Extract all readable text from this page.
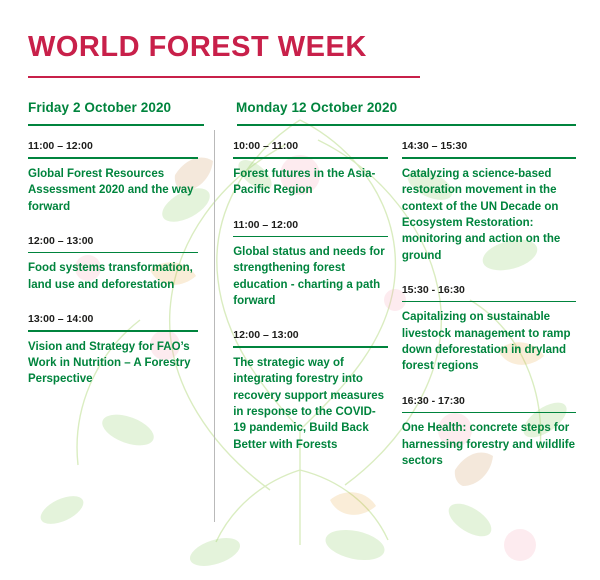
WORLD FOREST WEEK
Friday 2 October 2020	Monday 12 October 2020
11:00 – 12:00
Global Forest Resources Assessment 2020 and the way forward
12:00 – 13:00
Food systems transformation, land use and deforestation
13:00 – 14:00
Vision and Strategy for FAO’s Work in Nutrition – A Forestry Perspective
10:00 – 11:00
Forest futures in the Asia-Pacific Region
11:00 – 12:00
Global status and needs for strengthening forest education - charting a path forward
12:00 – 13:00
The strategic way of integrating forestry into recovery support measures in response to the COVID-19 pandemic, Build Back Better with Forests
14:30 – 15:30
Catalyzing a science-based restoration movement in the context of the UN Decade on Ecosystem Restoration: monitoring and action on the ground
15:30 - 16:30
Capitalizing on sustainable livestock management to ramp down deforestation in dryland forest regions
16:30 - 17:30
One Health: concrete steps for harnessing forestry and wildlife sectors
